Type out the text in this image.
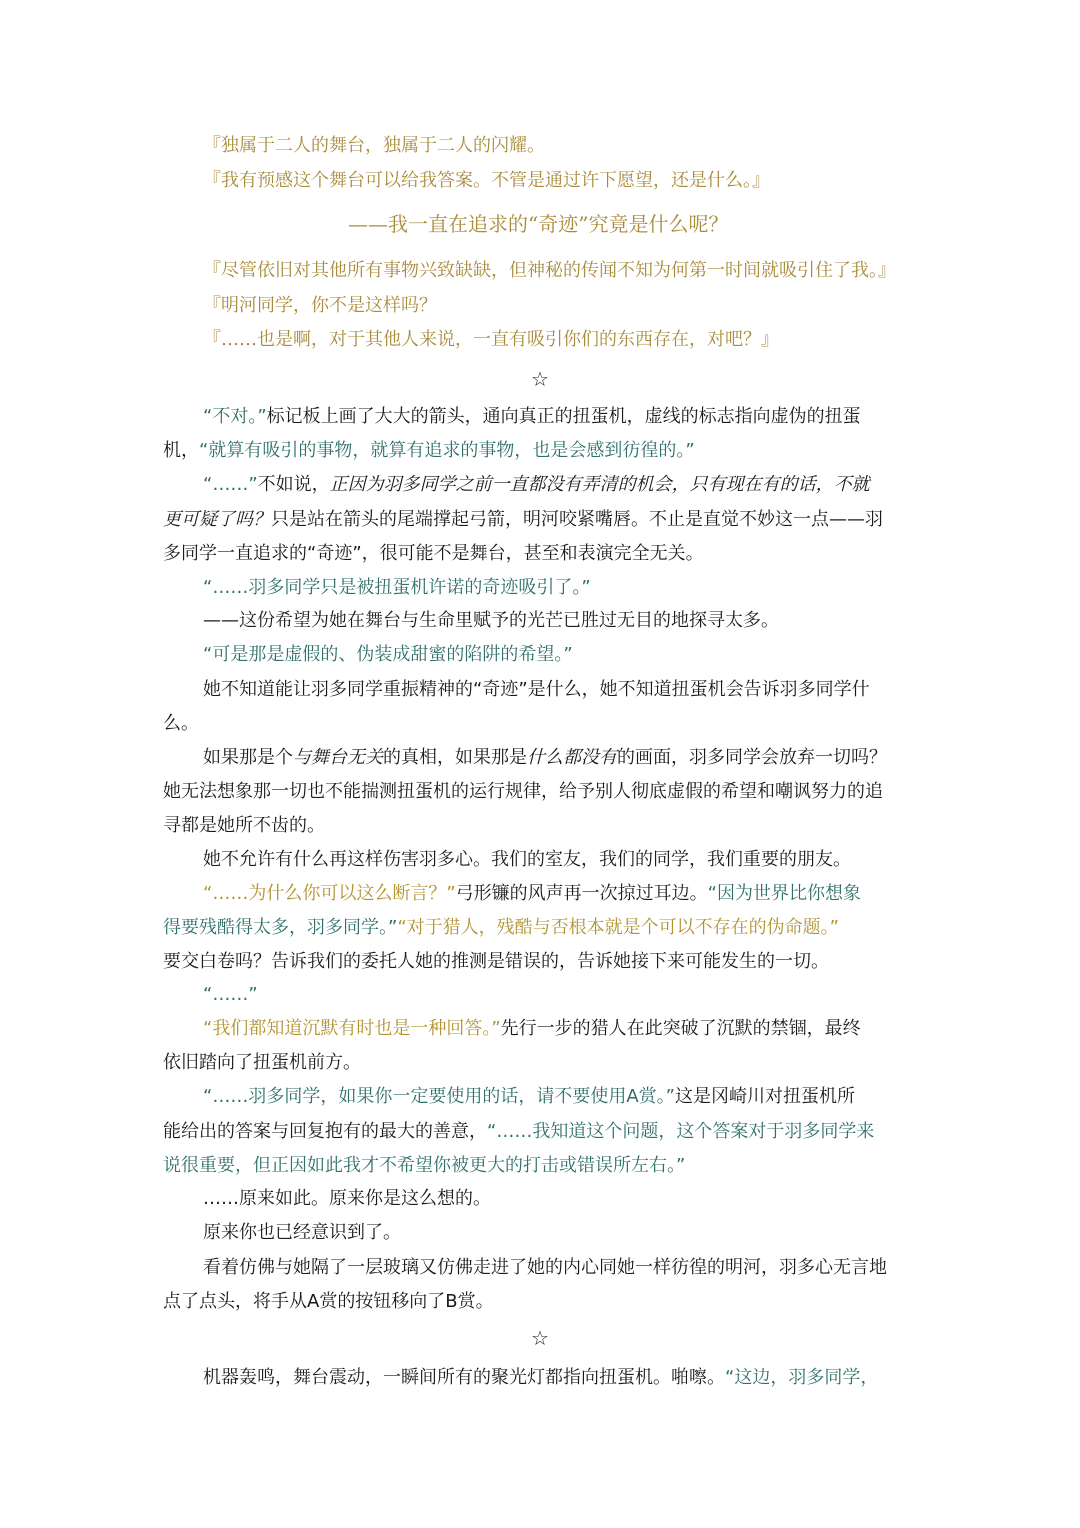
『独属于二人的舞台，独属于二人的闪耀。
『我有预感这个舞台可以给我答案。不管是通过许下愿望，还是什么。』
——我一直在追求的“奇迹”究竟是什么呢？
『尽管依旧对其他所有事物兴致缺缺，但神秘的传闻不知为何第一时间就吸引住了我。』
『明河同学，你不是这样吗？
『……也是啊，对于其他人来说，一直有吸引你们的东西存在，对吧？』
☆
“不对。”标记板上画了大大的箭头，通向真正的扭蛋机，虚线的标志指向虚伪的扭蛋
机，“就算有吸引的事物，就算有追求的事物，也是会感到彷徨的。”
“……”不如说，正因为羽多同学之前一直都没有弄清的机会，只有现在有的话，不就
更可疑了吗？只是站在箭头的尾端撑起弓箭，明河咬紧嘴唇。不止是直觉不妙这一点——羽
多同学一直追求的“奇迹”，很可能不是舞台，甚至和表演完全无关。
“……羽多同学只是被扭蛋机许诺的奇迹吸引了。”
——这份希望为她在舞台与生命里赋予的光芒已胜过无目的地探寻太多。
“可是那是虚假的、伪装成甜蜜的陷阱的希望。”
她不知道能让羽多同学重振精神的“奇迹”是什么，她不知道扭蛋机会告诉羽多同学什
么。
如果那是个与舞台无关的真相，如果那是什么都没有的画面，羽多同学会放弃一切吗？
她无法想象那一切也不能揣测扭蛋机的运行规律，给予别人彻底虚假的希望和嘲讽努力的追
寻都是她所不齿的。
她不允许有什么再这样伤害羽多心。我们的室友，我们的同学，我们重要的朋友。
“……为什么你可以这么断言？”弓形镰的风声再一次掠过耳边。“因为世界比你想象
得要残酷得太多，羽多同学。”“对于猎人，残酷与否根本就是个可以不存在的伪命题。”
要交白卷吗？告诉我们的委托人她的推测是错误的，告诉她接下来可能发生的一切。
“……”
“我们都知道沉默有时也是一种回答。”先行一步的猎人在此突破了沉默的禁锢，最终
依旧踏向了扭蛋机前方。
“……羽多同学，如果你一定要使用的话，请不要使用A赏。”这是冈崎川对扭蛋机所
能给出的答案与回复抱有的最大的善意，“……我知道这个问题，这个答案对于羽多同学来
说很重要，但正因如此我才不希望你被更大的打击或错误所左右。”
……原来如此。原来你是这么想的。
原来你也已经意识到了。
看着仿佛与她隔了一层玻璃又仿佛走进了她的内心同她一样彷徨的明河，羽多心无言地
点了点头，将手从A赏的按钮移向了B赏。
☆
机器轰鸣，舞台震动，一瞬间所有的聚光灯都指向扭蛋机。啪嚓。“这边，羽多同学，
